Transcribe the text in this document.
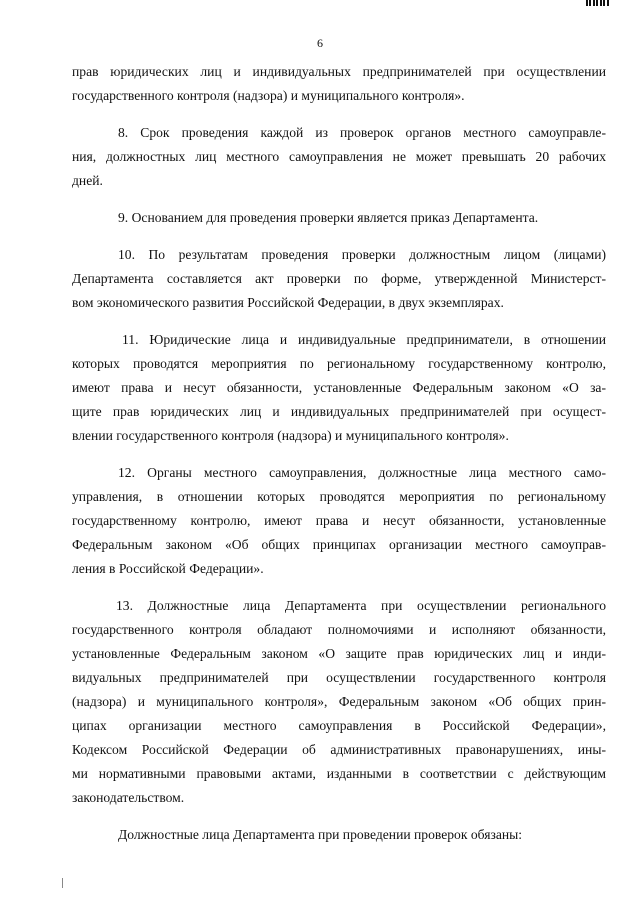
6
прав юридических лиц и индивидуальных предпринимателей при осуществлении
государственного контроля (надзора) и муниципального контроля».
8. Срок проведения каждой из проверок органов местного самоуправле-
ния, должностных лиц местного самоуправления не может превышать 20 рабочих
дней.
9. Основанием для проведения проверки является приказ Департамента.
10. По результатам проведения проверки должностным лицом (лицами)
Департамента составляется акт проверки по форме, утвержденной Министерст-
вом экономического развития Российской Федерации, в двух экземплярах.
11. Юридические лица и индивидуальные предприниматели, в отношении
которых проводятся мероприятия по региональному государственному контролю,
имеют права и несут обязанности, установленные Федеральным законом «О за-
щите прав юридических лиц и индивидуальных предпринимателей при осущест-
влении государственного контроля (надзора) и муниципального контроля».
12. Органы местного самоуправления, должностные лица местного само-
управления, в отношении которых проводятся мероприятия по региональному
государственному контролю, имеют права и несут обязанности, установленные
Федеральным законом «Об общих принципах организации местного самоуправ-
ления в Российской Федерации».
13. Должностные лица Департамента при осуществлении регионального
государственного контроля обладают полномочиями и исполняют обязанности,
установленные Федеральным законом «О защите прав юридических лиц и инди-
видуальных предпринимателей при осуществлении государственного контроля
(надзора) и муниципального контроля», Федеральным законом «Об общих прин-
ципах организации местного самоуправления в Российской Федерации»,
Кодексом Российской Федерации об административных правонарушениях, ины-
ми нормативными правовыми актами, изданными в соответствии с действующим
законодательством.
Должностные лица Департамента при проведении проверок обязаны:
